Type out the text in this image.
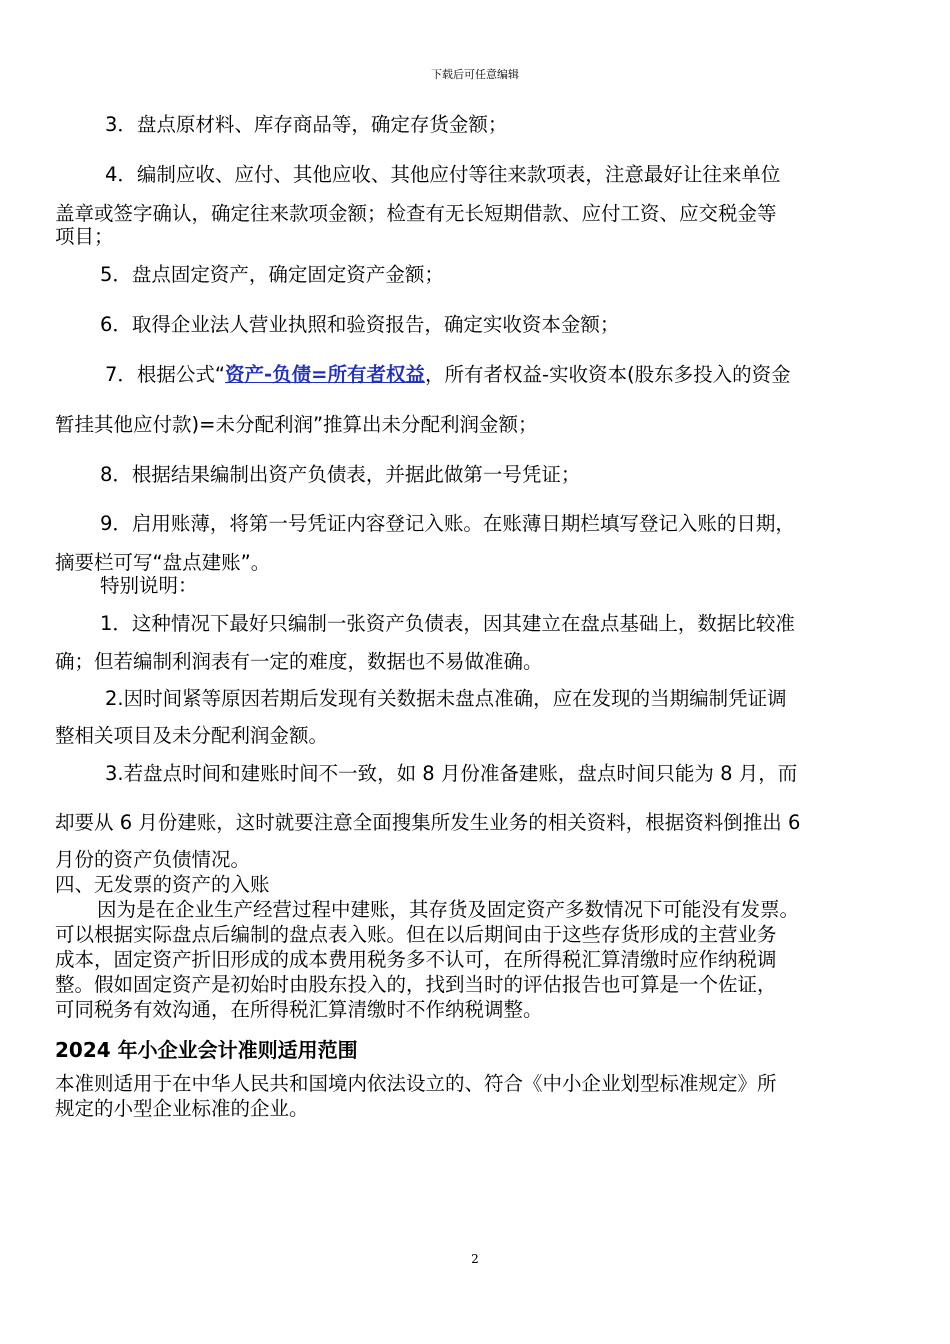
下载后可任意编辑

3．盘点原材料、库存商品等，确定存货金额；

4．编制应收、应付、其他应收、其他应付等往来款项表，注意最好让往来单位

盖章或签字确认，确定往来款项金额；检查有无长短期借款、应付工资、应交税金等

项目；

5．盘点固定资产，确定固定资产金额；

6．取得企业法人营业执照和验资报告，确定实收资本金额；

7．根据公式“资产-负债=所有者权益，所有者权益-实收资本(股东多投入的资金

暂挂其他应付款)=未分配利润”推算出未分配利润金额；

8．根据结果编制出资产负债表，并据此做第一号凭证；

9．启用账薄，将第一号凭证内容登记入账。在账薄日期栏填写登记入账的日期，

摘要栏可写“盘点建账”。

特别说明：

1．这种情况下最好只编制一张资产负债表，因其建立在盘点基础上，数据比较准

确；但若编制利润表有一定的难度，数据也不易做准确。

2.因时间紧等原因若期后发现有关数据未盘点准确，应在发现的当期编制凭证调

整相关项目及未分配利润金额。

3.若盘点时间和建账时间不一致，如 8 月份准备建账，盘点时间只能为 8 月，而

却要从 6 月份建账，这时就要注意全面搜集所发生业务的相关资料，根据资料倒推出 6

月份的资产负债情况。

四、无发票的资产的入账

因为是在企业生产经营过程中建账，其存货及固定资产多数情况下可能没有发票。

可以根据实际盘点后编制的盘点表入账。但在以后期间由于这些存货形成的主营业务

成本，固定资产折旧形成的成本费用税务多不认可，在所得税汇算清缴时应作纳税调

整。假如固定资产是初始时由股东投入的，找到当时的评估报告也可算是一个佐证，

可同税务有效沟通，在所得税汇算清缴时不作纳税调整。

2024 年小企业会计准则适用范围

本准则适用于在中华人民共和国境内依法设立的、符合《中小企业划型标准规定》所

规定的小型企业标准的企业。

2
